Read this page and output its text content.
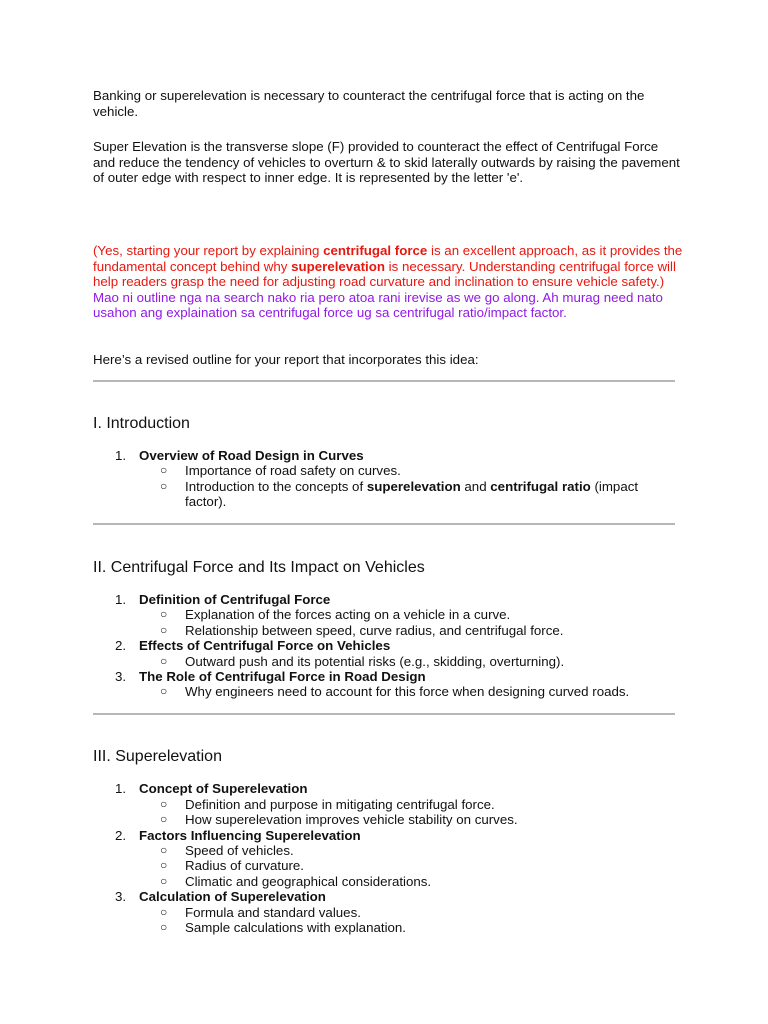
Banking or superelevation is necessary to counteract the centrifugal force that is acting on the vehicle.

Super Elevation is the transverse slope (F) provided to counteract the effect of Centrifugal Force and reduce the tendency of vehicles to overturn & to skid laterally outwards by raising the pavement of outer edge with respect to inner edge. It is represented by the letter 'e'.

(Yes, starting your report by explaining centrifugal force is an excellent approach, as it provides the fundamental concept behind why superelevation is necessary. Understanding centrifugal force will help readers grasp the need for adjusting road curvature and inclination to ensure vehicle safety.) Mao ni outline nga na search nako ria pero atoa rani irevise as we go along. Ah murag need nato usahon ang explaination sa centrifugal force ug sa centrifugal ratio/impact factor.

Here’s a revised outline for your report that incorporates this idea:

I. Introduction
1. Overview of Road Design in Curves
○	Importance of road safety on curves.
○	Introduction to the concepts of superelevation and centrifugal ratio (impact
factor).
II. Centrifugal Force and Its Impact on Vehicles
1. Definition of Centrifugal Force
○	Explanation of the forces acting on a vehicle in a curve.
○	Relationship between speed, curve radius, and centrifugal force.
2. Effects of Centrifugal Force on Vehicles
○	Outward push and its potential risks (e.g., skidding, overturning).
3. The Role of Centrifugal Force in Road Design
○	Why engineers need to account for this force when designing curved roads.
III. Superelevation
1. Concept of Superelevation
○	Definition and purpose in mitigating centrifugal force.
○	How superelevation improves vehicle stability on curves.
2. Factors Influencing Superelevation
○	Speed of vehicles.
○	Radius of curvature.
○	Climatic and geographical considerations.
3. Calculation of Superelevation
○	Formula and standard values.
○	Sample calculations with explanation.
